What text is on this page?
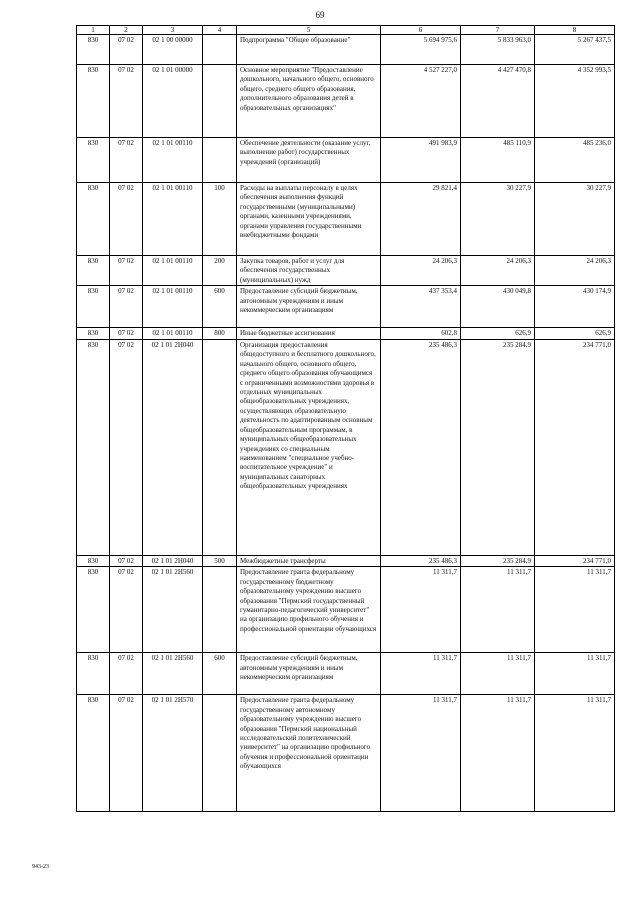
69
1	2	3	4	5	6	7	8
830	07 02	02 1 00 00000		Подпрограмма "Общее образование"	5 694 975,6	5 833 963,0	5 267 437,5
830	07 02	02 1 01 00000		Основное мероприятие "Предоставление дошкольного, начального общего, основного общего, среднего общего образования, дополнительного образования детей в образовательных организациях"	4 527 227,0	4 427 470,8	4 352 993,5
830	07 02	02 1 01 00110		Обеспечение деятельности (оказание услуг, выполнение работ) государственных учреждений (организаций)	491 983,9	485 110,9	485 236,0
830	07 02	02 1 01 00110	100	Расходы на выплаты персоналу в целях обеспечения выполнения функций государственными (муниципальными) органами, казенными учреждениями, органами управления государственными внебюджетными фондами	29 821,4	30 227,9	30 227,9
830	07 02	02 1 01 00110	200	Закупка товаров, работ и услуг для обеспечения государственных (муниципальных) нужд	24 206,3	24 206,3	24 206,3
830	07 02	02 1 01 00110	600	Предоставление субсидий бюджетным, автономным учреждениям и иным некоммерческим организациям	437 353,4	430 049,8	430 174,9
830	07 02	02 1 01 00110	800	Иные бюджетные ассигнования	602,8	626,9	626,9
830	07 02	02 1 01 2Н040		Организация предоставления общедоступного и бесплатного дошкольного, начального общего, основного общего, среднего общего образования обучающимся с ограниченными возможностями здоровья в отдельных муниципальных общеобразовательных учреждениях, осуществляющих образовательную деятельность по адаптированным основным общеобразовательным программам, в муниципальных общеобразовательных учреждениях со специальным наименованием "специальное учебно-воспитательное учреждение" и муниципальных санаторных общеобразовательных учреждениях	235 486,3	235 284,9	234 771,0
830	07 02	02 1 01 2Н040	500	Межбюджетные трансферты	235 486,3	235 284,9	234 771,0
830	07 02	02 1 01 2Н560		Предоставление гранта федеральному государственному бюджетному образовательному учреждению высшего образования "Пермский государственный гуманитарно-педагогический университет" на организацию профильного обучения и профессиональной ориентации обучающихся	11 311,7	11 311,7	11 311,7
830	07 02	02 1 01 2Н560	600	Предоставление субсидий бюджетным, автономным учреждениям и иным некоммерческим организациям	11 311,7	11 311,7	11 311,7
830	07 02	02 1 01 2Н570		Предоставление гранта федеральному государственному автономному образовательному учреждению высшего образования "Пермский национальный исследовательский политехнический университет" на организацию профильного обучения и профессиональной ориентации обучающихся	11 311,7	11 311,7	11 311,7
943-23
